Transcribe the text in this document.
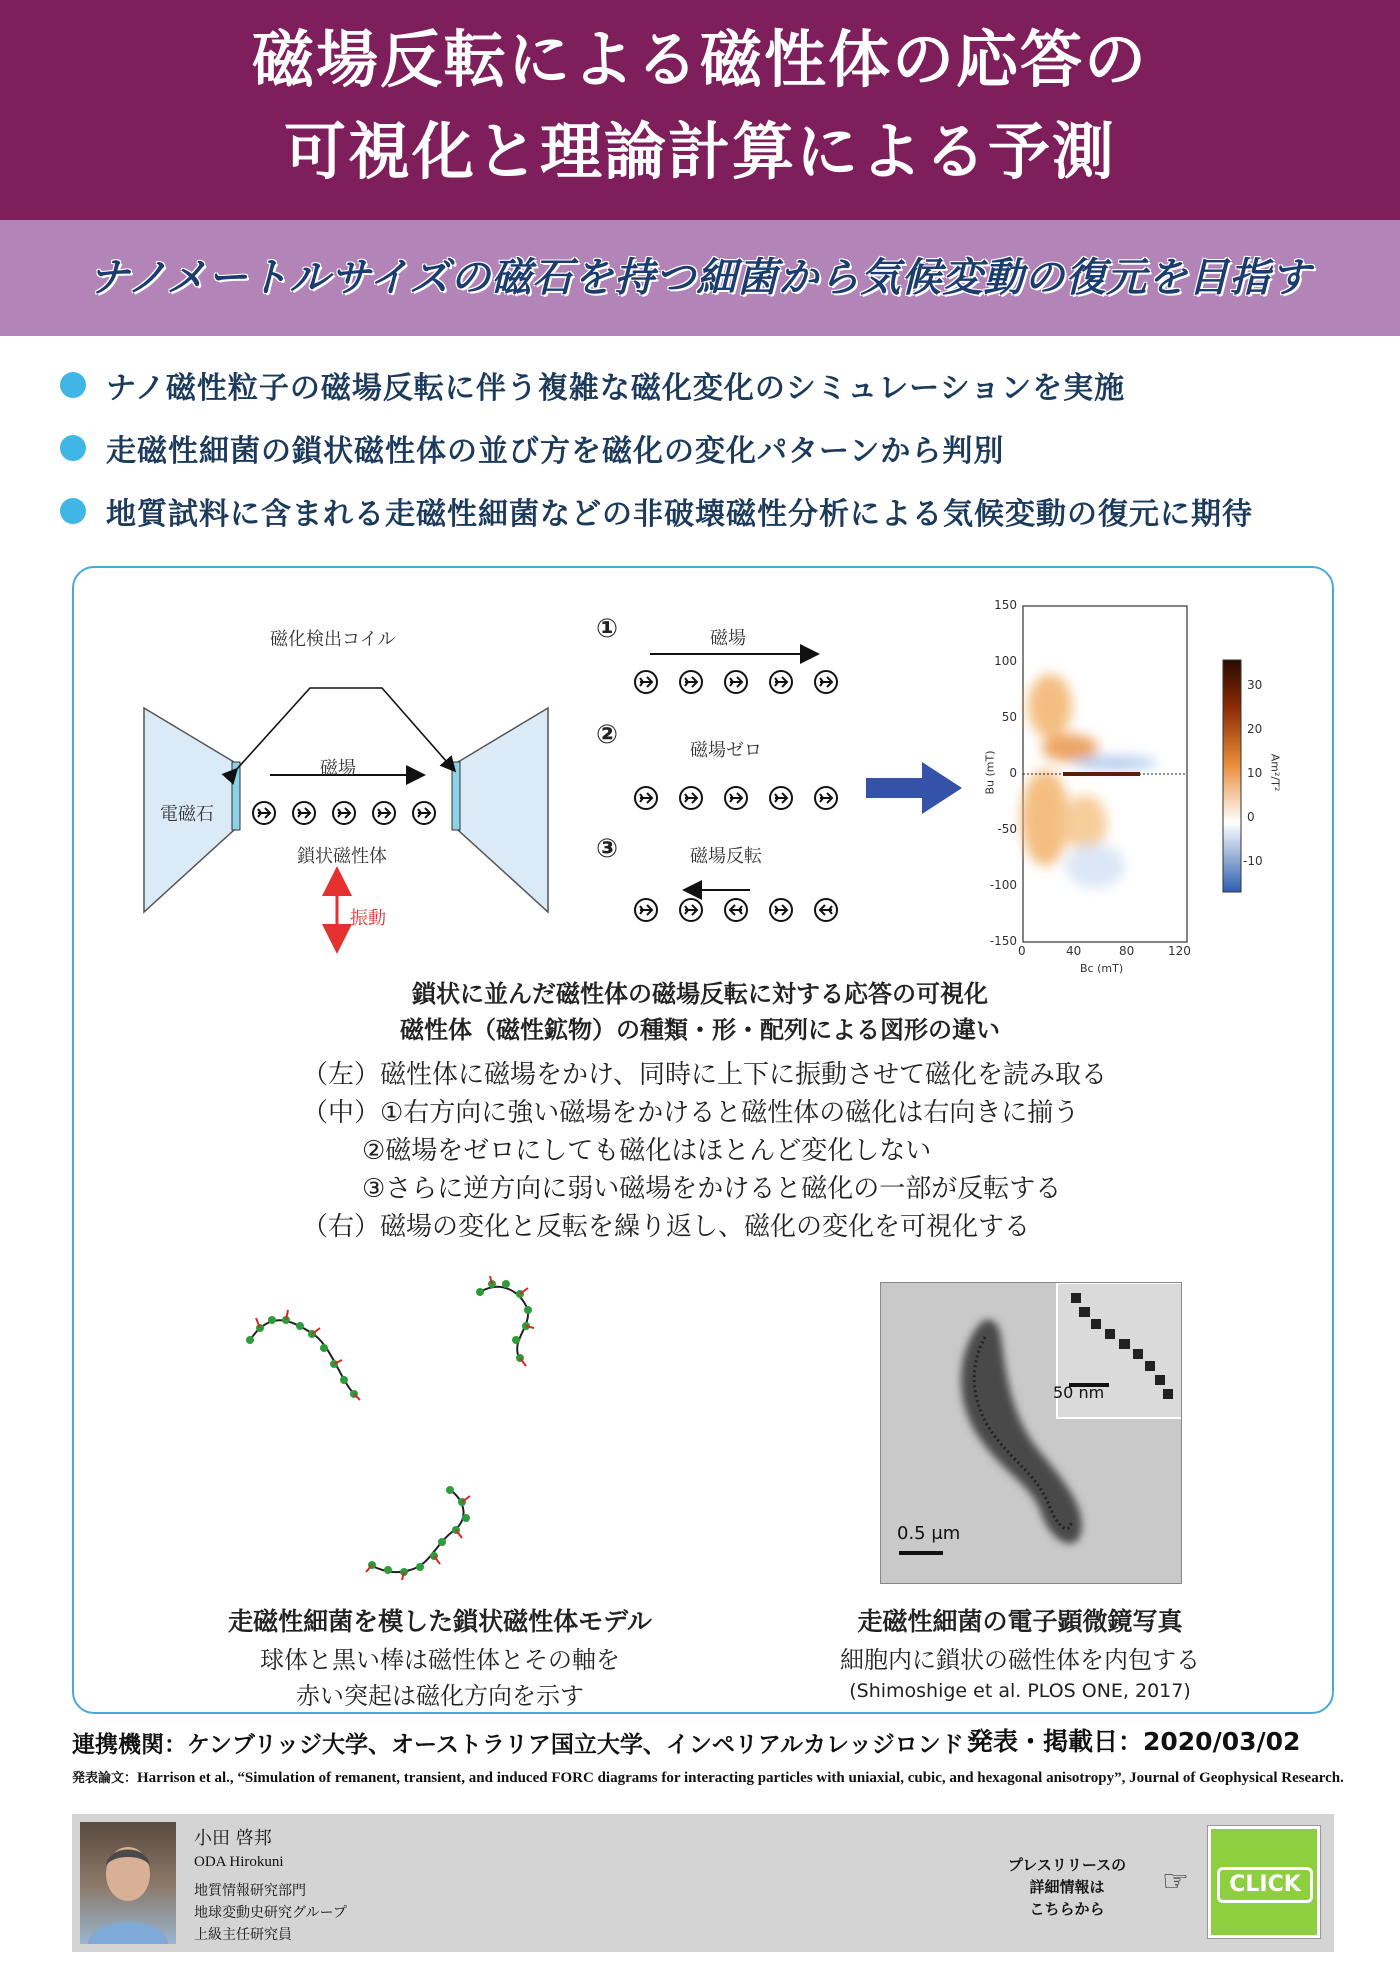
磁場反転による磁性体の応答の
可視化と理論計算による予測
ナノメートルサイズの磁石を持つ細菌から気候変動の復元を目指す
ナノ磁性粒子の磁場反転に伴う複雑な磁化変化のシミュレーションを実施
走磁性細菌の鎖状磁性体の並び方を磁化の変化パターンから判別
地質試料に含まれる走磁性細菌などの非破壊磁性分析による気候変動の復元に期待
磁化検出コイル
磁場
電磁石
鎖状磁性体
振動
①	磁場
②
磁場ゼロ
③	磁場反転
150
100
50
0
-50
-100
-150
0	40	80	120
Bu (mT)
Bc (mT)
30
20
10
0
-10
Am²/T²
鎖状に並んだ磁性体の磁場反転に対する応答の可視化
磁性体（磁性鉱物）の種類・形・配列による図形の違い
（左）磁性体に磁場をかけ、同時に上下に振動させて磁化を読み取る
（中）①右方向に強い磁場をかけると磁性体の磁化は右向きに揃う
②磁場をゼロにしても磁化はほとんど変化しない
③さらに逆方向に弱い磁場をかけると磁化の一部が反転する
（右）磁場の変化と反転を繰り返し、磁化の変化を可視化する
50 nm
0.5 μm
走磁性細菌を模した鎖状磁性体モデル
球体と黒い棒は磁性体とその軸を
赤い突起は磁化方向を示す
走磁性細菌の電子顕微鏡写真
細胞内に鎖状の磁性体を内包する
(Shimoshige et al. PLOS ONE, 2017)
連携機関：ケンブリッジ大学、オーストラリア国立大学、インペリアルカレッジロンドン
発表・掲載日：2020/03/02
発表論文：Harrison et al., “Simulation of remanent, transient, and induced FORC diagrams for interacting particles with uniaxial, cubic, and hexagonal anisotropy”, Journal of Geophysical Research.
小田 啓邦
ODA Hirokuni
地質情報研究部門
地球変動史研究グループ
上級主任研究員
プレスリリースの
詳細情報は
こちらから
☞	CLICK
